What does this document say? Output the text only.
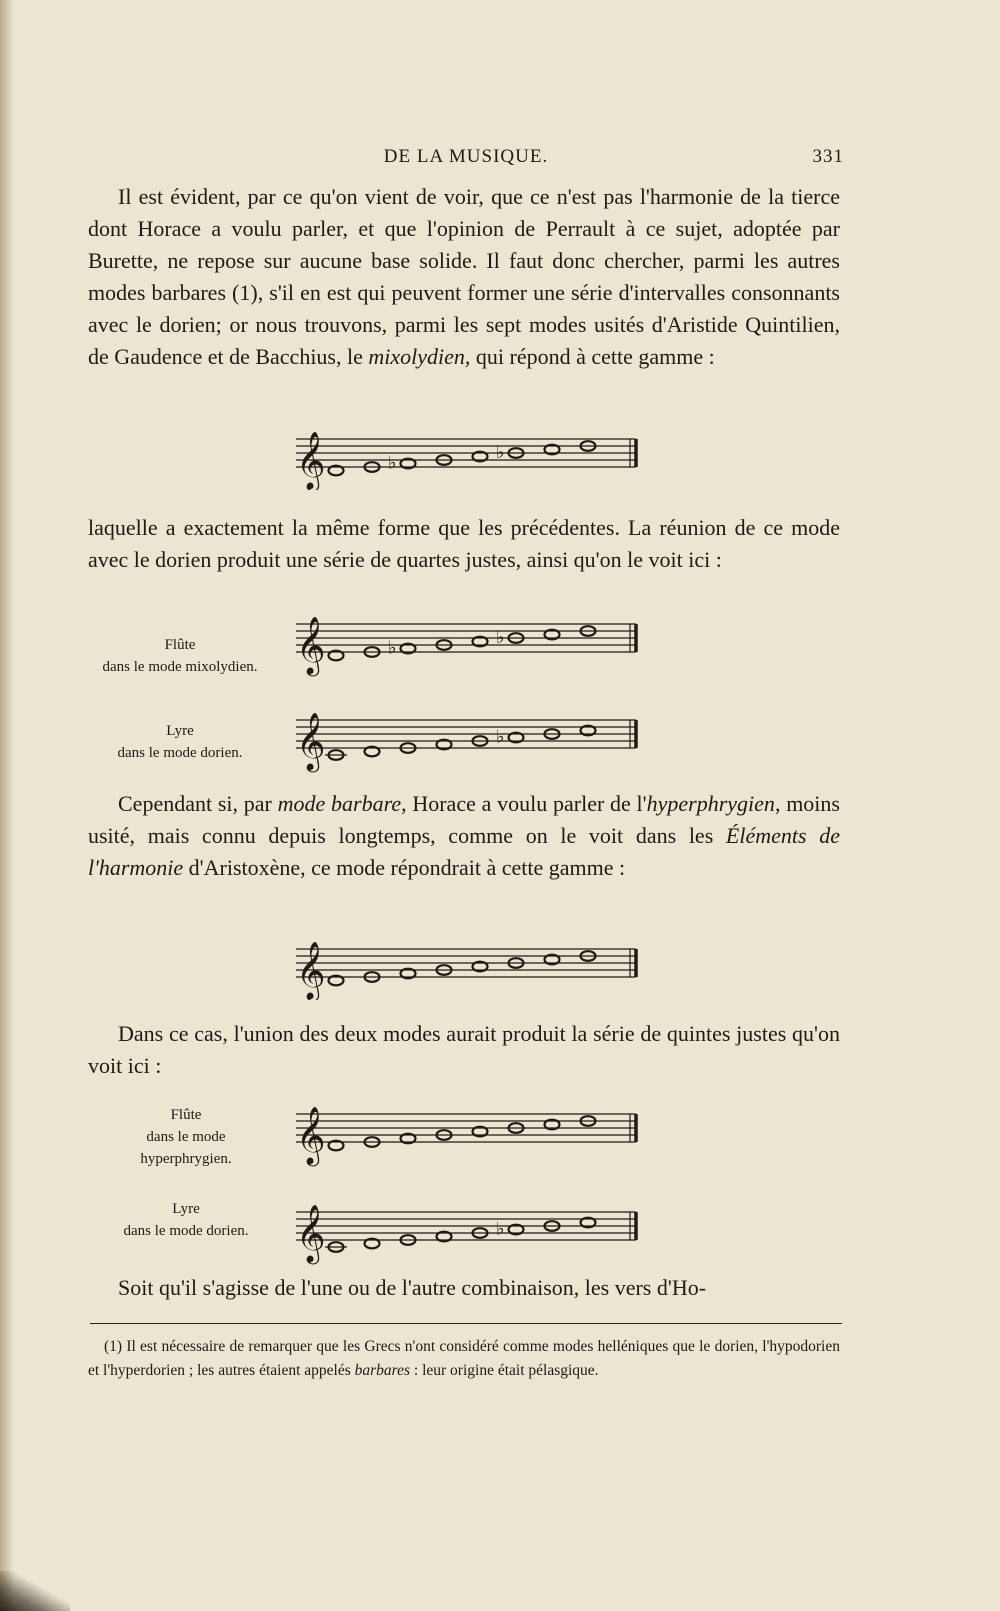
DE LA MUSIQUE.	331

Il est évident, par ce qu'on vient de voir, que ce n'est pas l'harmonie de la tierce dont Horace a voulu parler, et que l'opinion de Perrault à ce sujet, adoptée par Burette, ne repose sur aucune base solide. Il faut donc chercher, parmi les autres modes barbares (1), s'il en est qui peuvent former une série d'intervalles consonnants avec le dorien; or nous trouvons, parmi les sept modes usités d'Aristide Quintilien, de Gaudence et de Bacchius, le mixolydien, qui répond à cette gamme :

𝄞	♭	♭

laquelle a exactement la même forme que les précédentes. La réunion de ce mode avec le dorien produit une série de quartes justes, ainsi qu'on le voit ici :

Flûte
dans le mode mixolydien.
Lyre
dans le mode dorien.
𝄞	♭	♭
𝄞	♭

Cependant si, par mode barbare, Horace a voulu parler de l'hyperphrygien, moins usité, mais connu depuis longtemps, comme on le voit dans les Éléments de l'harmonie d'Aristoxène, ce mode répondrait à cette gamme :

𝄞

Dans ce cas, l'union des deux modes aurait produit la série de quintes justes qu'on voit ici :

Flûte
dans le mode
hyperphrygien.
Lyre
dans le mode dorien.
𝄞
𝄞	♭

Soit qu'il s'agisse de l'une ou de l'autre combinaison, les vers d'Ho-

(1) Il est nécessaire de remarquer que les Grecs n'ont considéré comme modes helléniques que le dorien, l'hypodorien et l'hyperdorien ; les autres étaient appelés barbares : leur origine était pélasgique.
